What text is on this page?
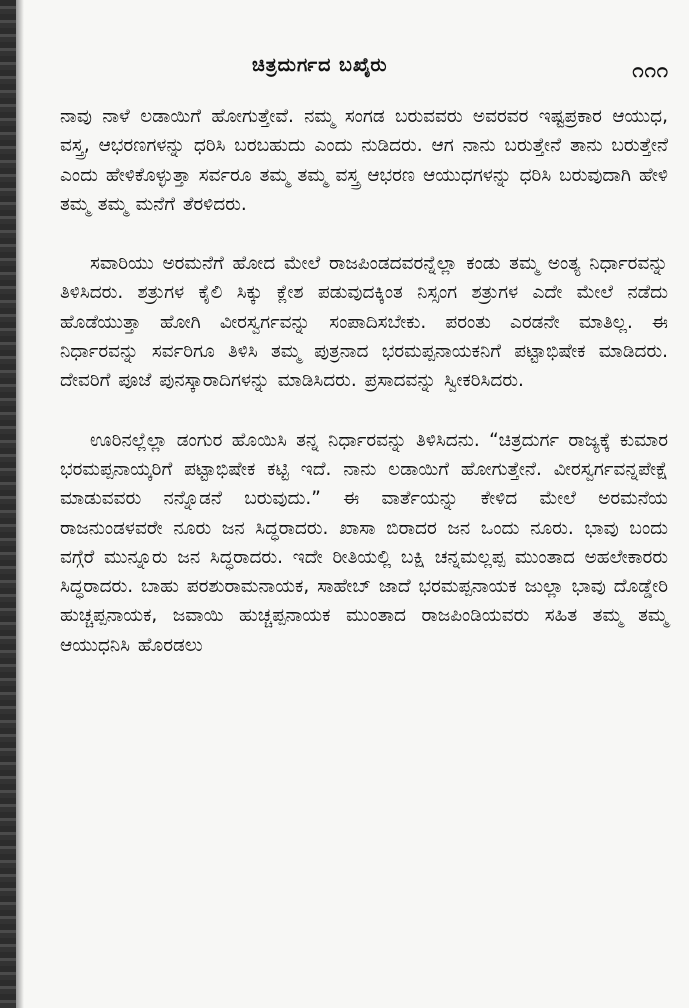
ಚಿತ್ರದುರ್ಗದ ಬಖೈರು	೧೧೧

ನಾವು ನಾಳೆ ಲಡಾಯಿಗೆ ಹೋಗುತ್ತೇವೆ. ನಮ್ಮ ಸಂಗಡ ಬರುವವರು ಅವರವರ ಇಷ್ಟಪ್ರಕಾರ ಆಯುಧ, ವಸ್ತ್ರ, ಆಭರಣಗಳನ್ನು ಧರಿಸಿ ಬರಬಹುದು ಎಂದು ನುಡಿದರು. ಆಗ ನಾನು ಬರುತ್ತೇನೆ ತಾನು ಬರುತ್ತೇನೆ ಎಂದು ಹೇಳಿಕೊಳ್ಳುತ್ತಾ ಸರ್ವರೂ ತಮ್ಮ ತಮ್ಮ ವಸ್ತ್ರ ಆಭರಣ ಆಯುಧಗಳನ್ನು ಧರಿಸಿ ಬರುವುದಾಗಿ ಹೇಳಿ ತಮ್ಮ ತಮ್ಮ ಮನೆಗೆ ತೆರಳಿದರು.

ಸವಾರಿಯು ಅರಮನೆಗೆ ಹೋದ ಮೇಲೆ ರಾಜಪಿಂಡದವರನ್ನೆಲ್ಲಾ ಕಂಡು ತಮ್ಮ ಅಂತ್ಯ ನಿರ್ಧಾರವನ್ನು ತಿಳಿಸಿದರು. ಶತ್ರುಗಳ ಕೈಲಿ ಸಿಕ್ಕು ಕ್ಲೇಶ ಪಡುವುದಕ್ಕಿಂತ ನಿಸ್ಸಂಗ ಶತ್ರುಗಳ ಎದೇ ಮೇಲೆ ನಡೆದು ಹೊಡೆಯುತ್ತಾ ಹೋಗಿ ವೀರಸ್ವರ್ಗವನ್ನು ಸಂಪಾದಿಸಬೇಕು. ಪರಂತು ಎರಡನೇ ಮಾತಿಲ್ಲ. ಈ ನಿರ್ಧಾರವನ್ನು ಸರ್ವರಿಗೂ ತಿಳಿಸಿ ತಮ್ಮ ಪುತ್ರನಾದ ಭರಮಪ್ಪನಾಯಕನಿಗೆ ಪಟ್ಟಾಭಿಷೇಕ ಮಾಡಿದರು. ದೇವರಿಗೆ ಪೂಜೆ ಪುನಸ್ಕಾರಾದಿಗಳನ್ನು ಮಾಡಿಸಿದರು. ಪ್ರಸಾದವನ್ನು ಸ್ವೀಕರಿಸಿದರು.

ಊರಿನಲ್ಲೆಲ್ಲಾ ಡಂಗುರ ಹೊಯಿಸಿ ತನ್ನ ನಿರ್ಧಾರವನ್ನು ತಿಳಿಸಿದನು. “ಚಿತ್ರದುರ್ಗ ರಾಜ್ಯಕ್ಕೆ ಕುಮಾರ ಭರಮಪ್ಪನಾಯ್ಕರಿಗೆ ಪಟ್ಟಾಭಿಷೇಕ ಕಟ್ಟಿ ಇದೆ. ನಾನು ಲಡಾಯಿಗೆ ಹೋಗುತ್ತೇನೆ. ವೀರಸ್ವರ್ಗವನ್ನಪೇಕ್ಷೆ ಮಾಡುವವರು ನನ್ನೊಡನೆ ಬರುವುದು.” ಈ ವಾರ್ತೆಯನ್ನು ಕೇಳಿದ ಮೇಲೆ ಅರಮನೆಯ ರಾಜನುಂಡಳವರೇ ನೂರು ಜನ ಸಿದ್ಧರಾದರು. ಖಾಸಾ ಬಿರಾದರ ಜನ ಒಂದು ನೂರು. ಭಾವು ಬಂದು ವಗ್ಗೆರೆ ಮುನ್ನೂರು ಜನ ಸಿದ್ಧರಾದರು. ಇದೇ ರೀತಿಯಲ್ಲಿ ಬಕ್ಷಿ ಚನ್ನಮಲ್ಲಪ್ಪ ಮುಂತಾದ ಅಹಲೇಕಾರರು ಸಿದ್ಧರಾದರು. ಬಾಹು ಪರಶುರಾಮನಾಯಕ, ಸಾಹೇಬ್ ಜಾದೆ ಭರಮಪ್ಪನಾಯಕ ಜುಲ್ಲಾ ಭಾವು ದೊಡ್ಡೇರಿ ಹುಚ್ಚಪ್ಪನಾಯಕ, ಜವಾಯಿ ಹುಚ್ಚಪ್ಪನಾಯಕ ಮುಂತಾದ ರಾಜಪಿಂಡಿಯವರು ಸಹಿತ ತಮ್ಮ ತಮ್ಮ ಆಯುಧನಿಸಿ ಹೊರಡಲು
